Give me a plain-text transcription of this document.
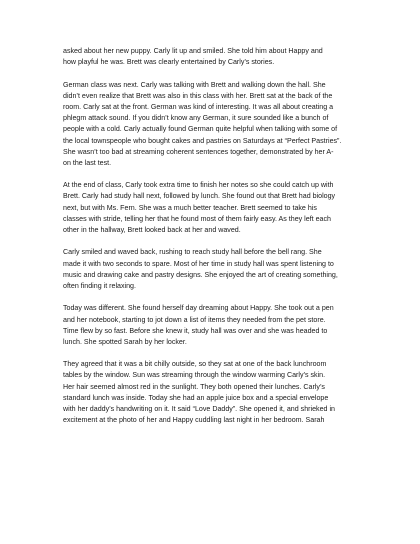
asked about her new puppy. Carly lit up and smiled. She told him about Happy and
how playful he was. Brett was clearly entertained by Carly’s stories.

German class was next. Carly was talking with Brett and walking down the hall. She
didn’t even realize that Brett was also in this class with her. Brett sat at the back of the
room. Carly sat at the front. German was kind of interesting. It was all about creating a
phlegm attack sound. If you didn’t know any German, it sure sounded like a bunch of
people with a cold. Carly actually found German quite helpful when talking with some of
the local townspeople who bought cakes and pastries on Saturdays at “Perfect Pastries”.
She wasn’t too bad at streaming coherent sentences together, demonstrated by her A-
on the last test.

At the end of class, Carly took extra time to finish her notes so she could catch up with
Brett. Carly had study hall next, followed by lunch. She found out that Brett had biology
next, but with Ms. Fern. She was a much better teacher. Brett seemed to take his
classes with stride, telling her that he found most of them fairly easy. As they left each
other in the hallway, Brett looked back at her and waved.

Carly smiled and waved back, rushing to reach study hall before the bell rang. She
made it with two seconds to spare. Most of her time in study hall was spent listening to
music and drawing cake and pastry designs. She enjoyed the art of creating something,
often finding it relaxing.

Today was different. She found herself day dreaming about Happy. She took out a pen
and her notebook, starting to jot down a list of items they needed from the pet store.
Time flew by so fast. Before she knew it, study hall was over and she was headed to
lunch. She spotted Sarah by her locker.

They agreed that it was a bit chilly outside, so they sat at one of the back lunchroom
tables by the window. Sun was streaming through the window warming Carly’s skin.
Her hair seemed almost red in the sunlight. They both opened their lunches. Carly’s
standard lunch was inside. Today she had an apple juice box and a special envelope
with her daddy’s handwriting on it. It said “Love Daddy”. She opened it, and shrieked in
excitement at the photo of her and Happy cuddling last night in her bedroom. Sarah
